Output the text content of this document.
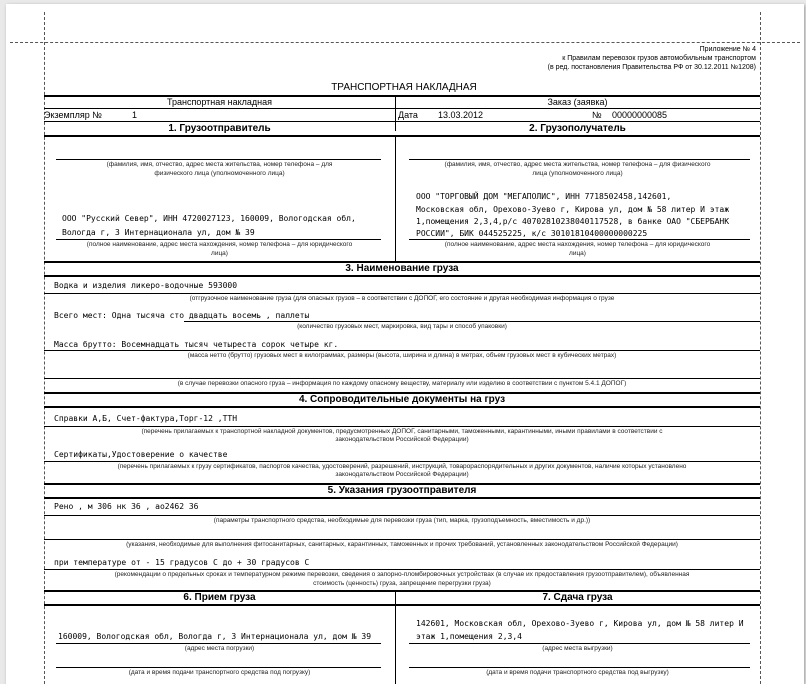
Приложение № 4
к Правилам перевозок грузов автомобильным транспортом
(в ред. постановления Правительства РФ от 30.12.2011 №1208)
ТРАНСПОРТНАЯ НАКЛАДНАЯ
Транспортная накладная	Заказ (заявка)
Экземпляр №	1	Дата 13.03.2012	№ 00000000085
1. Грузоотправитель	2. Грузополучатель
(фамилия, имя, отчество, адрес места жительства, номер телефона – для
физического лица (уполномоченного лица)
ООО "Русский Север", ИНН 4720027123, 160009, Вологодская обл,
Вологда г, 3 Интернационала ул, дом № 39
(полное наименование, адрес места нахождения, номер телефона – для юридического
лица)
(фамилия, имя, отчество, адрес места жительства, номер телефона – для физического
лица (уполномоченного лица)
ООО "ТОРГОВЫЙ ДОМ "МЕГАПОЛИС", ИНН 7718502458,142601,
Московская обл, Орехово-Зуево г, Кирова ул, дом № 58 литер И этаж
1,помещения 2,3,4,р/с 40702810238040117528, в банке ОАО "СБЕРБАНК
РОССИИ", БИК 044525225, к/с 30101810400000000225
(полное наименование, адрес места нахождения, номер телефона – для юридического
лица)
3. Наименование груза
Водка и изделия ликеро-водочные 593000
(отгрузочное наименование груза (для опасных грузов – в соответствии с ДОПОГ, его состояние и другая необходимая информация о грузе
Всего мест: Одна тысяча сто двадцать восемь , паллеты
(количество грузовых мест, маркировка, вид тары и способ упаковки)
Масса брутто: Восемнадцать тысяч четыреста сорок четыре кг.
(масса нетто (брутто) грузовых мест в килограммах, размеры (высота, ширина и длина) в метрах, объем грузовых мест в кубических метрах)
(в случае перевозки опасного груза – информация по каждому опасному веществу, материалу или изделию в соответствии с пунктом 5.4.1 ДОПОГ)
4. Сопроводительные документы на груз
Справки А,Б, Счет-фактура,Торг-12 ,ТТН
(перечень прилагаемых к транспортной накладной документов, предусмотренных ДОПОГ, санитарными, таможенными, карантинными, иными правилами в соответствии с
законодательством Российской Федерации)
Сертификаты,Удостоверение о качестве
(перечень прилагаемых к грузу сертификатов, паспортов качества, удостоверений, разрешений, инструкций, товарораспорядительных и других документов, наличие которых установлено
законодательством Российской Федерации)
5. Указания грузоотправителя
Рено , м 306 нк 36 , ао2462 36
(параметры транспортного средства, необходимые для перевозки груза (тип, марка, грузоподъемность, вместимость и др.))
(указания, необходимые для выполнения фитосанитарных, санитарных, карантинных, таможенных и прочих требований, установленных законодательством Российской Федерации)
при температуре от - 15 градусов С до + 30 градусов С
(рекомендации о предельных сроках и температурном режиме перевозки, сведения о запорно-пломбировочных устройствах (в случае их предоставления грузоотправителем), объявленная
стоимость (ценность) груза, запрещение перегрузки груза)
6. Прием груза	7. Сдача груза
160009, Вологодская обл, Вологда г, 3 Интернационала ул, дом № 39
(адрес места погрузки)
(дата и время подачи транспортного средства под погрузку)
142601, Московская обл, Орехово-Зуево г, Кирова ул, дом № 58 литер И
этаж 1,помещения 2,3,4
(адрес места выгрузки)
(дата и время подачи транспортного средства под выгрузку)
